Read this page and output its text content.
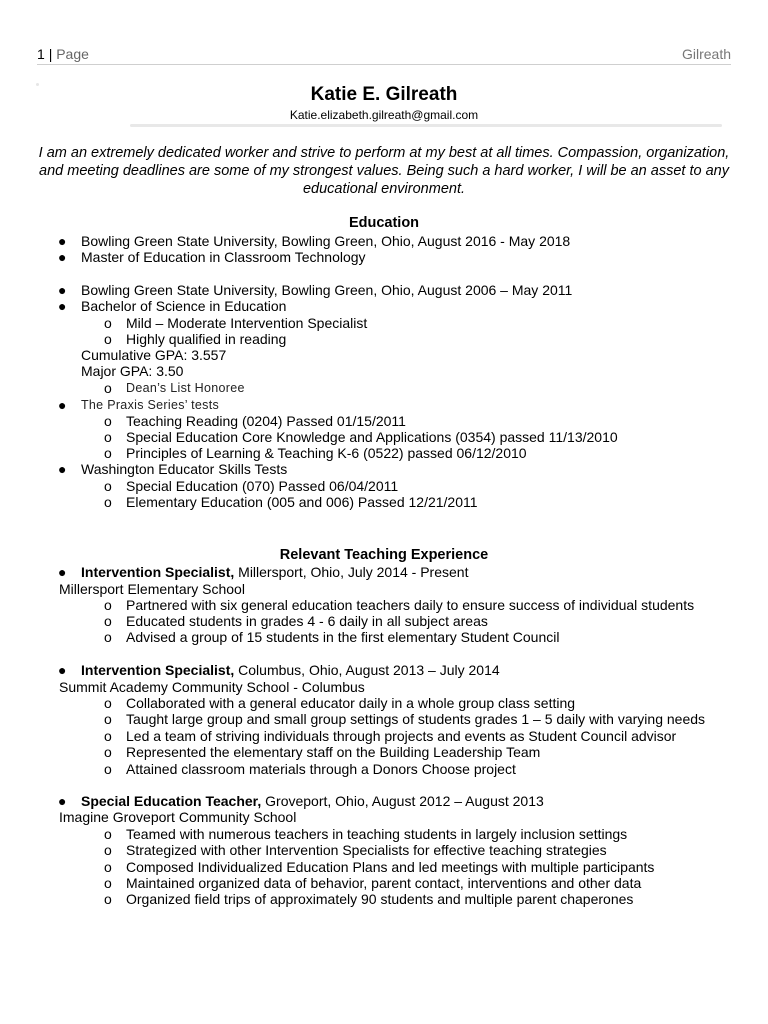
1 | Page	Gilreath
Katie E. Gilreath
Katie.elizabeth.gilreath@gmail.com
I am an extremely dedicated worker and strive to perform at my best at all times. Compassion, organization, and meeting deadlines are some of my strongest values. Being such a hard worker, I will be an asset to any educational environment.
Education
● Bowling Green State University, Bowling Green, Ohio, August 2016 - May 2018
● Master of Education in Classroom Technology
● Bowling Green State University, Bowling Green, Ohio, August 2006 – May 2011
● Bachelor of Science in Education
o Mild – Moderate Intervention Specialist
o Highly qualified in reading
Cumulative GPA: 3.557
Major GPA: 3.50
o Dean’s List Honoree
● The Praxis Series’ tests
o Teaching Reading (0204) Passed 01/15/2011
o Special Education Core Knowledge and Applications (0354) passed 11/13/2010
o Principles of Learning & Teaching K-6 (0522) passed 06/12/2010
● Washington Educator Skills Tests
o Special Education (070) Passed 06/04/2011
o Elementary Education (005 and 006) Passed 12/21/2011
Relevant Teaching Experience
● Intervention Specialist, Millersport, Ohio, July 2014 - Present
Millersport Elementary School
o Partnered with six general education teachers daily to ensure success of individual students
o Educated students in grades 4 - 6 daily in all subject areas
o Advised a group of 15 students in the first elementary Student Council
● Intervention Specialist, Columbus, Ohio, August 2013 – July 2014
Summit Academy Community School - Columbus
o Collaborated with a general educator daily in a whole group class setting
o Taught large group and small group settings of students grades 1 – 5 daily with varying needs
o Led a team of striving individuals through projects and events as Student Council advisor
o Represented the elementary staff on the Building Leadership Team
o Attained classroom materials through a Donors Choose project
● Special Education Teacher, Groveport, Ohio, August 2012 – August 2013
Imagine Groveport Community School
o Teamed with numerous teachers in teaching students in largely inclusion settings
o Strategized with other Intervention Specialists for effective teaching strategies
o Composed Individualized Education Plans and led meetings with multiple participants
o Maintained organized data of behavior, parent contact, interventions and other data
o Organized field trips of approximately 90 students and multiple parent chaperones
